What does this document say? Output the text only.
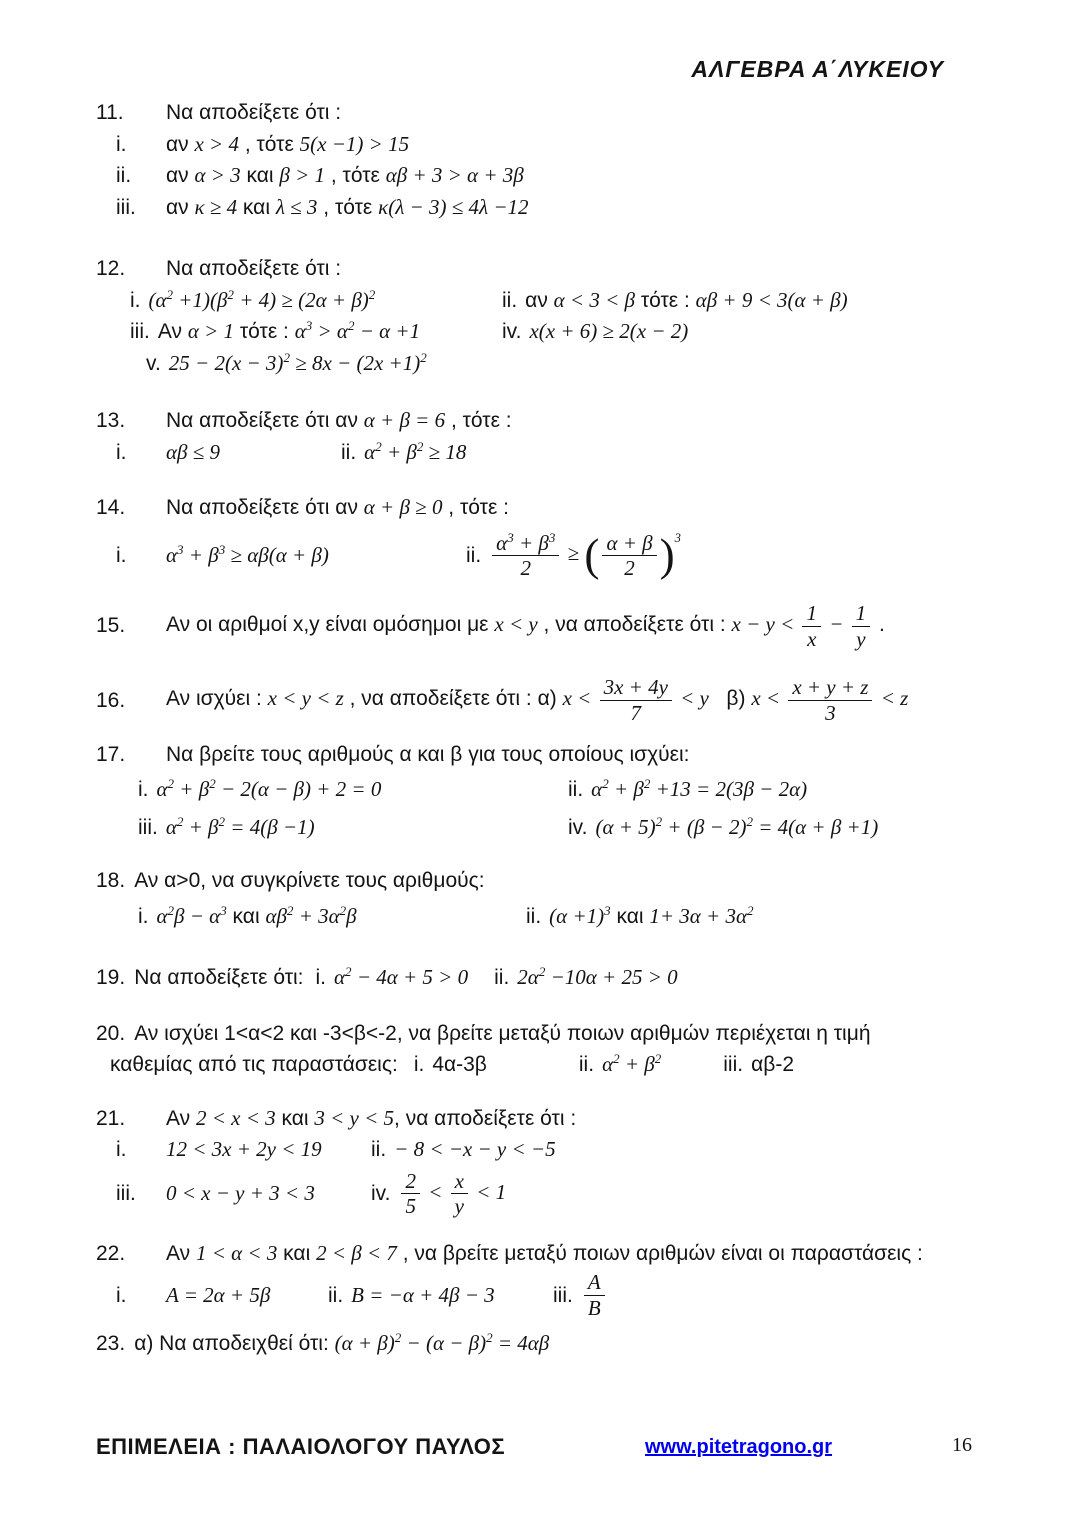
ΑΛΓΕΒΡΑ Α΄ΛΥΚΕΙΟΥ
11.	Να αποδείξετε ότι :
i.	αν x > 4 , τότε 5(x −1) > 15
ii.	αν α > 3 και β > 1 , τότε αβ + 3 > α + 3β
iii.	αν κ ≥ 4 και λ ≤ 3 , τότε κ(λ − 3) ≤ 4λ −12
12.	Να αποδείξετε ότι :
i. $(\alpha^2 +1)(\beta^2 + 4) \ge (2\alpha + \beta)^2$	ii. αν α < 3 < β τότε : αβ + 9 < 3(α + β)
iii. Αν α > 1 τότε : $\alpha^3 > \alpha^2 - \alpha +1$	iv. x(x + 6) ≥ 2(x − 2)
v. $25 - 2(x - 3)^2 \ge 8x - (2x +1)^2$
13.	Να αποδείξετε ότι αν α + β = 6 , τότε :
i.	αβ ≤ 9	ii. $\alpha^2 + \beta^2 \ge 18$
14.	Να αποδείξετε ότι αν α + β ≥ 0 , τότε :
i.	$\alpha^3 + \beta^3 \ge \alpha\beta(\alpha + \beta)$	ii. $\frac{\alpha^3 + \beta^3}{2}$ ≥ ( $\frac{\alpha + \beta}{2} )^3$
15.	Αν οι αριθμοί x,y είναι ομόσημοι με x < y , να αποδείξετε ότι : $x - y < \frac{1}{x} - \frac{1}{y}$ .
16.	Αν ισχύει : x < y < z , να αποδείξετε ότι : α) $x < \frac{3x + 4y}{7} < y$   β) $x < \frac{x + y + z}{3} < z$
17.	Να βρείτε τους αριθμούς α και β για τους οποίους ισχύει:
i. $\alpha^2 + \beta^2 - 2(\alpha - \beta) + 2 = 0$	ii. $\alpha^2 + \beta^2 +13 = 2(3\beta - 2\alpha)$
iii. $\alpha^2 + \beta^2 = 4(\beta -1)$	iv. $(\alpha + 5)^2 + (\beta - 2)^2 = 4(\alpha + \beta +1)$
18. Αν α>0, να συγκρίνετε τους αριθμούς:
i. $\alpha^2\beta - \alpha^3$ και $\alpha\beta^2 + 3\alpha^2\beta$	ii. $(\alpha +1)^3$ και $1+ 3\alpha + 3\alpha^2$
19. Να αποδείξετε ότι: i. $\alpha^2 - 4\alpha + 5 > 0$ ii. $2\alpha^2 -10\alpha + 25 > 0$
20. Αν ισχύει 1<α<2 και -3<β<-2, να βρείτε μεταξύ ποιων αριθμών περιέχεται η τιμή
καθεμίας από τις παραστάσεις: i. 4α-3β	ii. $\alpha^2 + \beta^2$	iii. αβ-2
21.	Αν 2 < x < 3 και 3 < y < 5, να αποδείξετε ότι :
i.	12 < 3x + 2y < 19	ii. − 8 < −x − y < −5
iii.	0 < x − y + 3 < 3	iv. $\frac{2}{5} < \frac{x}{y} < 1$
22.	Αν 1 < α < 3 και 2 < β < 7 , να βρείτε μεταξύ ποιων αριθμών είναι οι παραστάσεις :
i.	A = 2α + 5β	ii. B = −α + 4β − 3	iii. $\frac{A}{B}$
23. α) Να αποδειχθεί ότι: $(\alpha + \beta)^2 - (\alpha - \beta)^2 = 4\alpha\beta$
ΕΠΙΜΕΛΕΙΑ : ΠΑΛΑΙΟΛΟΓΟΥ ΠΑΥΛΟΣ	www.pitetragono.gr	16
